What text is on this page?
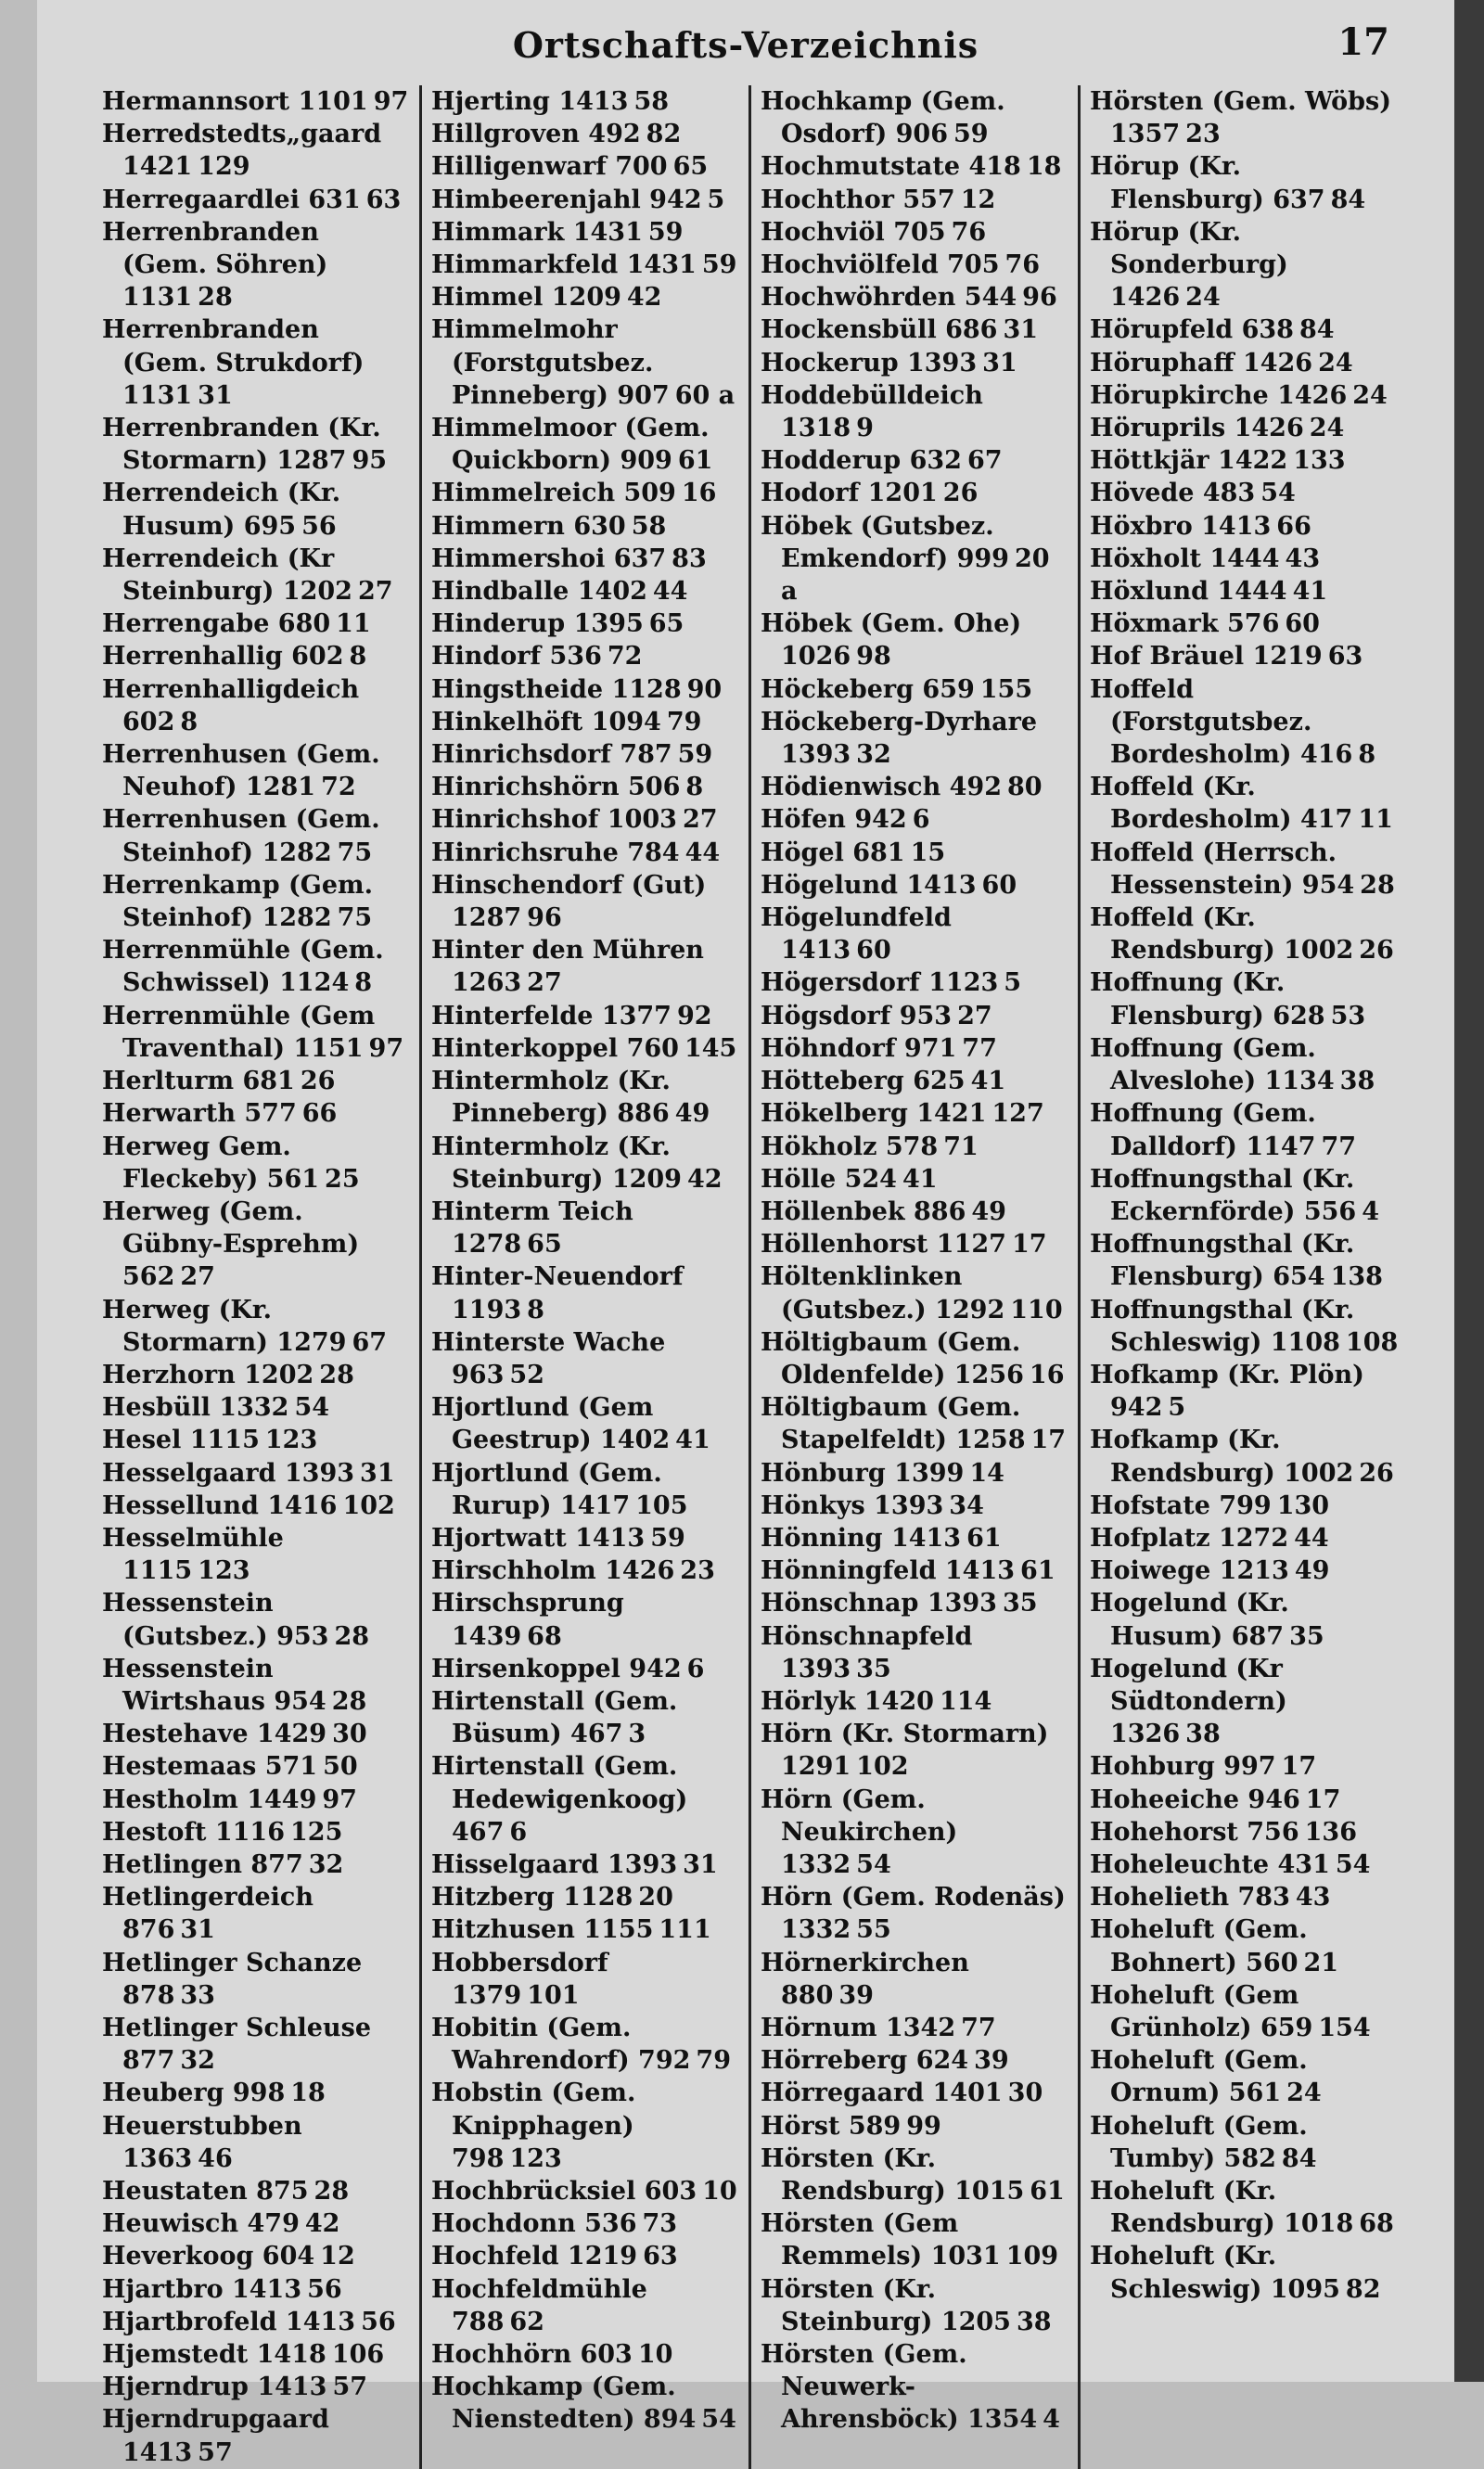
Ortschafts-Verzeichnis	17
Hermannsort 1101 97
Herredstedts„gaard 1421 129
Herregaardlei 631 63
Herrenbranden (Gem. Söhren) 1131 28
Herrenbranden (Gem. Strukdorf) 1131 31
Herrenbranden (Kr. Stormarn) 1287 95
Herrendeich (Kr. Husum) 695 56
Herrendeich (Kr Steinburg) 1202 27
Herrengabe 680 11
Herrenhallig 602 8
Herrenhalligdeich 602 8
Herrenhusen (Gem. Neuhof) 1281 72
Herrenhusen (Gem. Steinhof) 1282 75
Herrenkamp (Gem. Steinhof) 1282 75
Herrenmühle (Gem. Schwissel) 1124 8
Herrenmühle (Gem Traventhal) 1151 97
Herlturm 681 26
Herwarth 577 66
Herweg Gem. Fleckeby) 561 25
Herweg (Gem. Gübny-Esprehm) 562 27
Herweg (Kr. Stormarn) 1279 67
Herzhorn 1202 28
Hesbüll 1332 54
Hesel 1115 123
Hesselgaard 1393 31
Hessellund 1416 102
Hesselmühle 1115 123
Hessenstein (Gutsbez.) 953 28
Hessenstein Wirtshaus 954 28
Hestehave 1429 30
Hestemaas 571 50
Hestholm 1449 97
Hestoft 1116 125
Hetlingen 877 32
Hetlingerdeich 876 31
Hetlinger Schanze 878 33
Hetlinger Schleuse 877 32
Heuberg 998 18
Heuerstubben 1363 46
Heustaten 875 28
Heuwisch 479 42
Heverkoog 604 12
Hjartbro 1413 56
Hjartbrofeld 1413 56
Hjemstedt 1418 106
Hjerndrup 1413 57
Hjerndrupgaard 1413 57
Hjerting 1413 58
Hillgroven 492 82
Hilligenwarf 700 65
Himbeerenjahl 942 5
Himmark 1431 59
Himmarkfeld 1431 59
Himmel 1209 42
Himmelmohr (Forstgutsbez. Pinneberg) 907 60 a
Himmelmoor (Gem. Quickborn) 909 61
Himmelreich 509 16
Himmern 630 58
Himmershoi 637 83
Hindballe 1402 44
Hinderup 1395 65
Hindorf 536 72
Hingstheide 1128 90
Hinkelhöft 1094 79
Hinrichsdorf 787 59
Hinrichshörn 506 8
Hinrichshof 1003 27
Hinrichsruhe 784 44
Hinschendorf (Gut) 1287 96
Hinter den Mühren 1263 27
Hinterfelde 1377 92
Hinterkoppel 760 145
Hintermholz (Kr. Pinneberg) 886 49
Hintermholz (Kr. Steinburg) 1209 42
Hinterm Teich 1278 65
Hinter-Neuendorf 1193 8
Hinterste Wache 963 52
Hjortlund (Gem Geestrup) 1402 41
Hjortlund (Gem. Rurup) 1417 105
Hjortwatt 1413 59
Hirschholm 1426 23
Hirschsprung 1439 68
Hirsenkoppel 942 6
Hirtenstall (Gem. Büsum) 467 3
Hirtenstall (Gem. Hedewigenkoog) 467 6
Hisselgaard 1393 31
Hitzberg 1128 20
Hitzhusen 1155 111
Hobbersdorf 1379 101
Hobitin (Gem. Wahrendorf) 792 79
Hobstin (Gem. Knipphagen) 798 123
Hochbrücksiel 603 10
Hochdonn 536 73
Hochfeld 1219 63
Hochfeldmühle 788 62
Hochhörn 603 10
Hochkamp (Gem. Nienstedten) 894 54
Hochkamp (Gem. Osdorf) 906 59
Hochmutstate 418 18
Hochthor 557 12
Hochviöl 705 76
Hochviölfeld 705 76
Hochwöhrden 544 96
Hockensbüll 686 31
Hockerup 1393 31
Hoddebülldeich 1318 9
Hodderup 632 67
Hodorf 1201 26
Höbek (Gutsbez. Emkendorf) 999 20 a
Höbek (Gem. Ohe) 1026 98
Höckeberg 659 155
Höckeberg-Dyrhare 1393 32
Hödienwisch 492 80
Höfen 942 6
Högel 681 15
Högelund 1413 60
Högelundfeld 1413 60
Högersdorf 1123 5
Högsdorf 953 27
Höhndorf 971 77
Hötteberg 625 41
Hökelberg 1421 127
Hökholz 578 71
Hölle 524 41
Höllenbek 886 49
Höllenhorst 1127 17
Höltenklinken (Gutsbez.) 1292 110
Höltigbaum (Gem. Oldenfelde) 1256 16
Höltigbaum (Gem. Stapelfeldt) 1258 17
Hönburg 1399 14
Hönkys 1393 34
Hönning 1413 61
Hönningfeld 1413 61
Hönschnap 1393 35
Hönschnapfeld 1393 35
Hörlyk 1420 114
Hörn (Kr. Stormarn) 1291 102
Hörn (Gem. Neukirchen) 1332 54
Hörn (Gem. Rodenäs) 1332 55
Hörnerkirchen 880 39
Hörnum 1342 77
Hörreberg 624 39
Hörregaard 1401 30
Hörst 589 99
Hörsten (Kr. Rendsburg) 1015 61
Hörsten (Gem Remmels) 1031 109
Hörsten (Kr. Steinburg) 1205 38
Hörsten (Gem. Neuwerk-Ahrensböck) 1354 4
Hörsten (Gem. Wöbs) 1357 23
Hörup (Kr. Flensburg) 637 84
Hörup (Kr. Sonderburg) 1426 24
Hörupfeld 638 84
Höruphaff 1426 24
Hörupkirche 1426 24
Höruprils 1426 24
Höttkjär 1422 133
Hövede 483 54
Höxbro 1413 66
Höxholt 1444 43
Höxlund 1444 41
Höxmark 576 60
Hof Bräuel 1219 63
Hoffeld (Forstgutsbez. Bordesholm) 416 8
Hoffeld (Kr. Bordesholm) 417 11
Hoffeld (Herrsch. Hessenstein) 954 28
Hoffeld (Kr. Rendsburg) 1002 26
Hoffnung (Kr. Flensburg) 628 53
Hoffnung (Gem. Alveslohe) 1134 38
Hoffnung (Gem. Dalldorf) 1147 77
Hoffnungsthal (Kr. Eckernförde) 556 4
Hoffnungsthal (Kr. Flensburg) 654 138
Hoffnungsthal (Kr. Schleswig) 1108 108
Hofkamp (Kr. Plön) 942 5
Hofkamp (Kr. Rendsburg) 1002 26
Hofstate 799 130
Hofplatz 1272 44
Hoiwege 1213 49
Hogelund (Kr. Husum) 687 35
Hogelund (Kr Südtondern) 1326 38
Hohburg 997 17
Hoheeiche 946 17
Hohehorst 756 136
Hoheleuchte 431 54
Hohelieth 783 43
Hoheluft (Gem. Bohnert) 560 21
Hoheluft (Gem Grünholz) 659 154
Hoheluft (Gem. Ornum) 561 24
Hoheluft (Gem. Tumby) 582 84
Hoheluft (Kr. Rendsburg) 1018 68
Hoheluft (Kr. Schleswig) 1095 82
